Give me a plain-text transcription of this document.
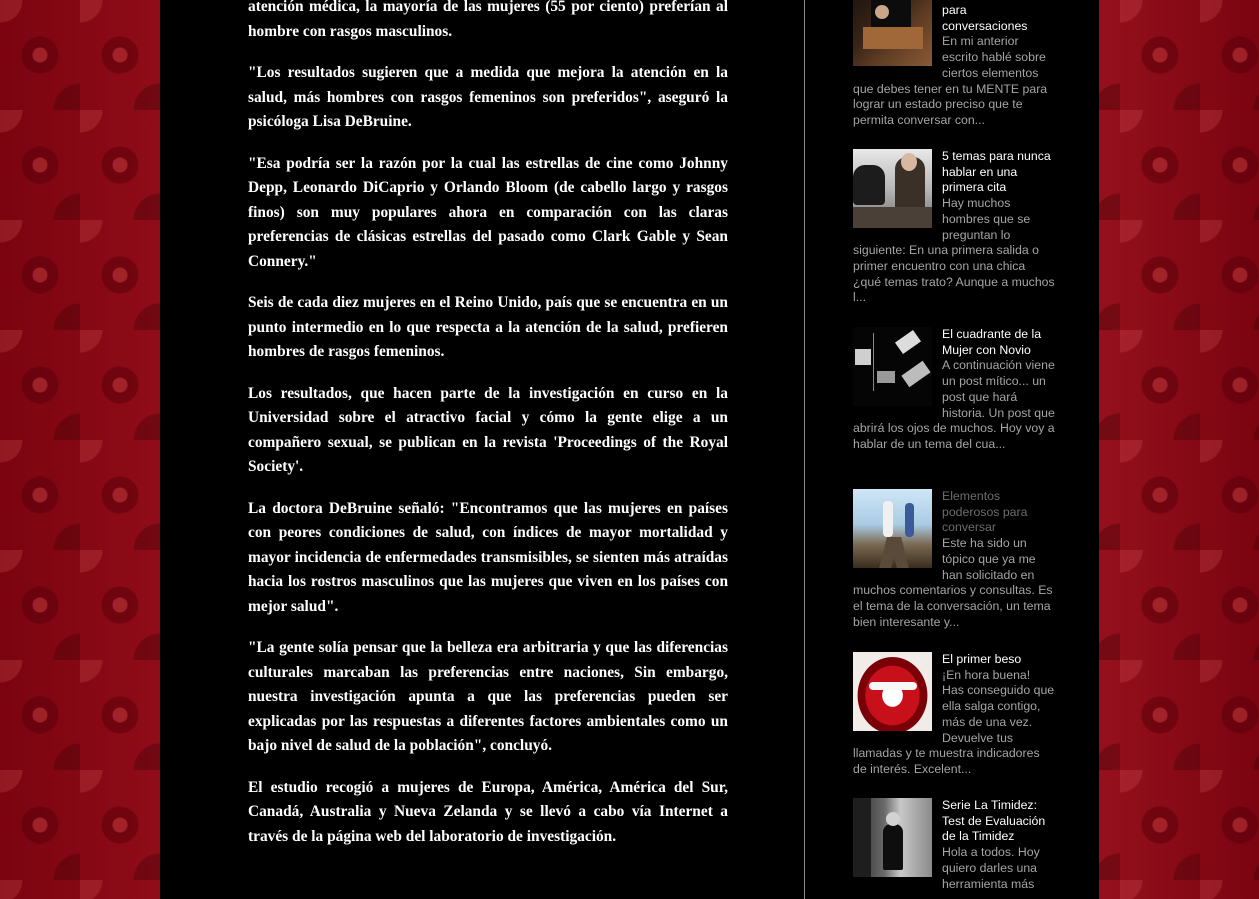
atención médica, la mayoría de las mujeres (55 por ciento) preferían al hombre con rasgos masculinos.

"Los resultados sugieren que a medida que mejora la atención en la salud, más hombres con rasgos femeninos son preferidos", aseguró la psicóloga Lisa DeBruine.

"Esa podría ser la razón por la cual las estrellas de cine como Johnny Depp, Leonardo DiCaprio y Orlando Bloom (de cabello largo y rasgos finos) son muy populares ahora en comparación con las claras preferencias de clásicas estrellas del pasado como Clark Gable y Sean Connery."

Seis de cada diez mujeres en el Reino Unido, país que se encuentra en un punto intermedio en lo que respecta a la atención de la salud, prefieren hombres de rasgos femeninos.

Los resultados, que hacen parte de la investigación en curso en la Universidad sobre el atractivo facial y cómo la gente elige a un compañero sexual, se publican en la revista 'Proceedings of the Royal Society'.

La doctora DeBruine señaló: "Encontramos que las mujeres en países con peores condiciones de salud, con índices de mayor mortalidad y mayor incidencia de enfermedades transmisibles, se sienten más atraídas hacia los rostros masculinos que las mujeres que viven en los países con mejor salud".

"La gente solía pensar que la belleza era arbitraria y que las diferencias culturales marcaban las preferencias entre naciones, Sin embargo, nuestra investigación apunta a que las preferencias pueden ser explicadas por las respuestas a diferentes factores ambientales como un bajo nivel de salud de la población", concluyó.

El estudio recogió a mujeres de Europa, América, América del Sur, Canadá, Australia y Nueva Zelanda y se llevó a cabo vía Internet a través de la página web del laboratorio de investigación.

para conversaciones
En mi anterior escrito hablé sobre ciertos elementos que debes tener en tu MENTE para lograr un estado preciso que te permita conversar con...
5 temas para nunca hablar en una primera cita
Hay muchos hombres que se preguntan lo siguiente: En una primera salida o primer encuentro con una chica ¿qué temas trato? Aunque a muchos l...
El cuadrante de la Mujer con Novio
A continuación viene un post mítico... un post que hará historia. Un post que abrirá los ojos de muchos. Hoy voy a hablar de un tema del cua...
Elementos poderosos para conversar
Este ha sido un tópico que ya me han solicitado en muchos comentarios y consultas. Es el tema de la conversación, un tema bien interesante y...
El primer beso
¡En hora buena! Has conseguido que ella salga contigo, más de una vez. Devuelve tus llamadas y te muestra indicadores de interés. Excelent...
Serie La Timidez: Test de Evaluación de la Timidez
Hola a todos. Hoy quiero darles una herramienta más
